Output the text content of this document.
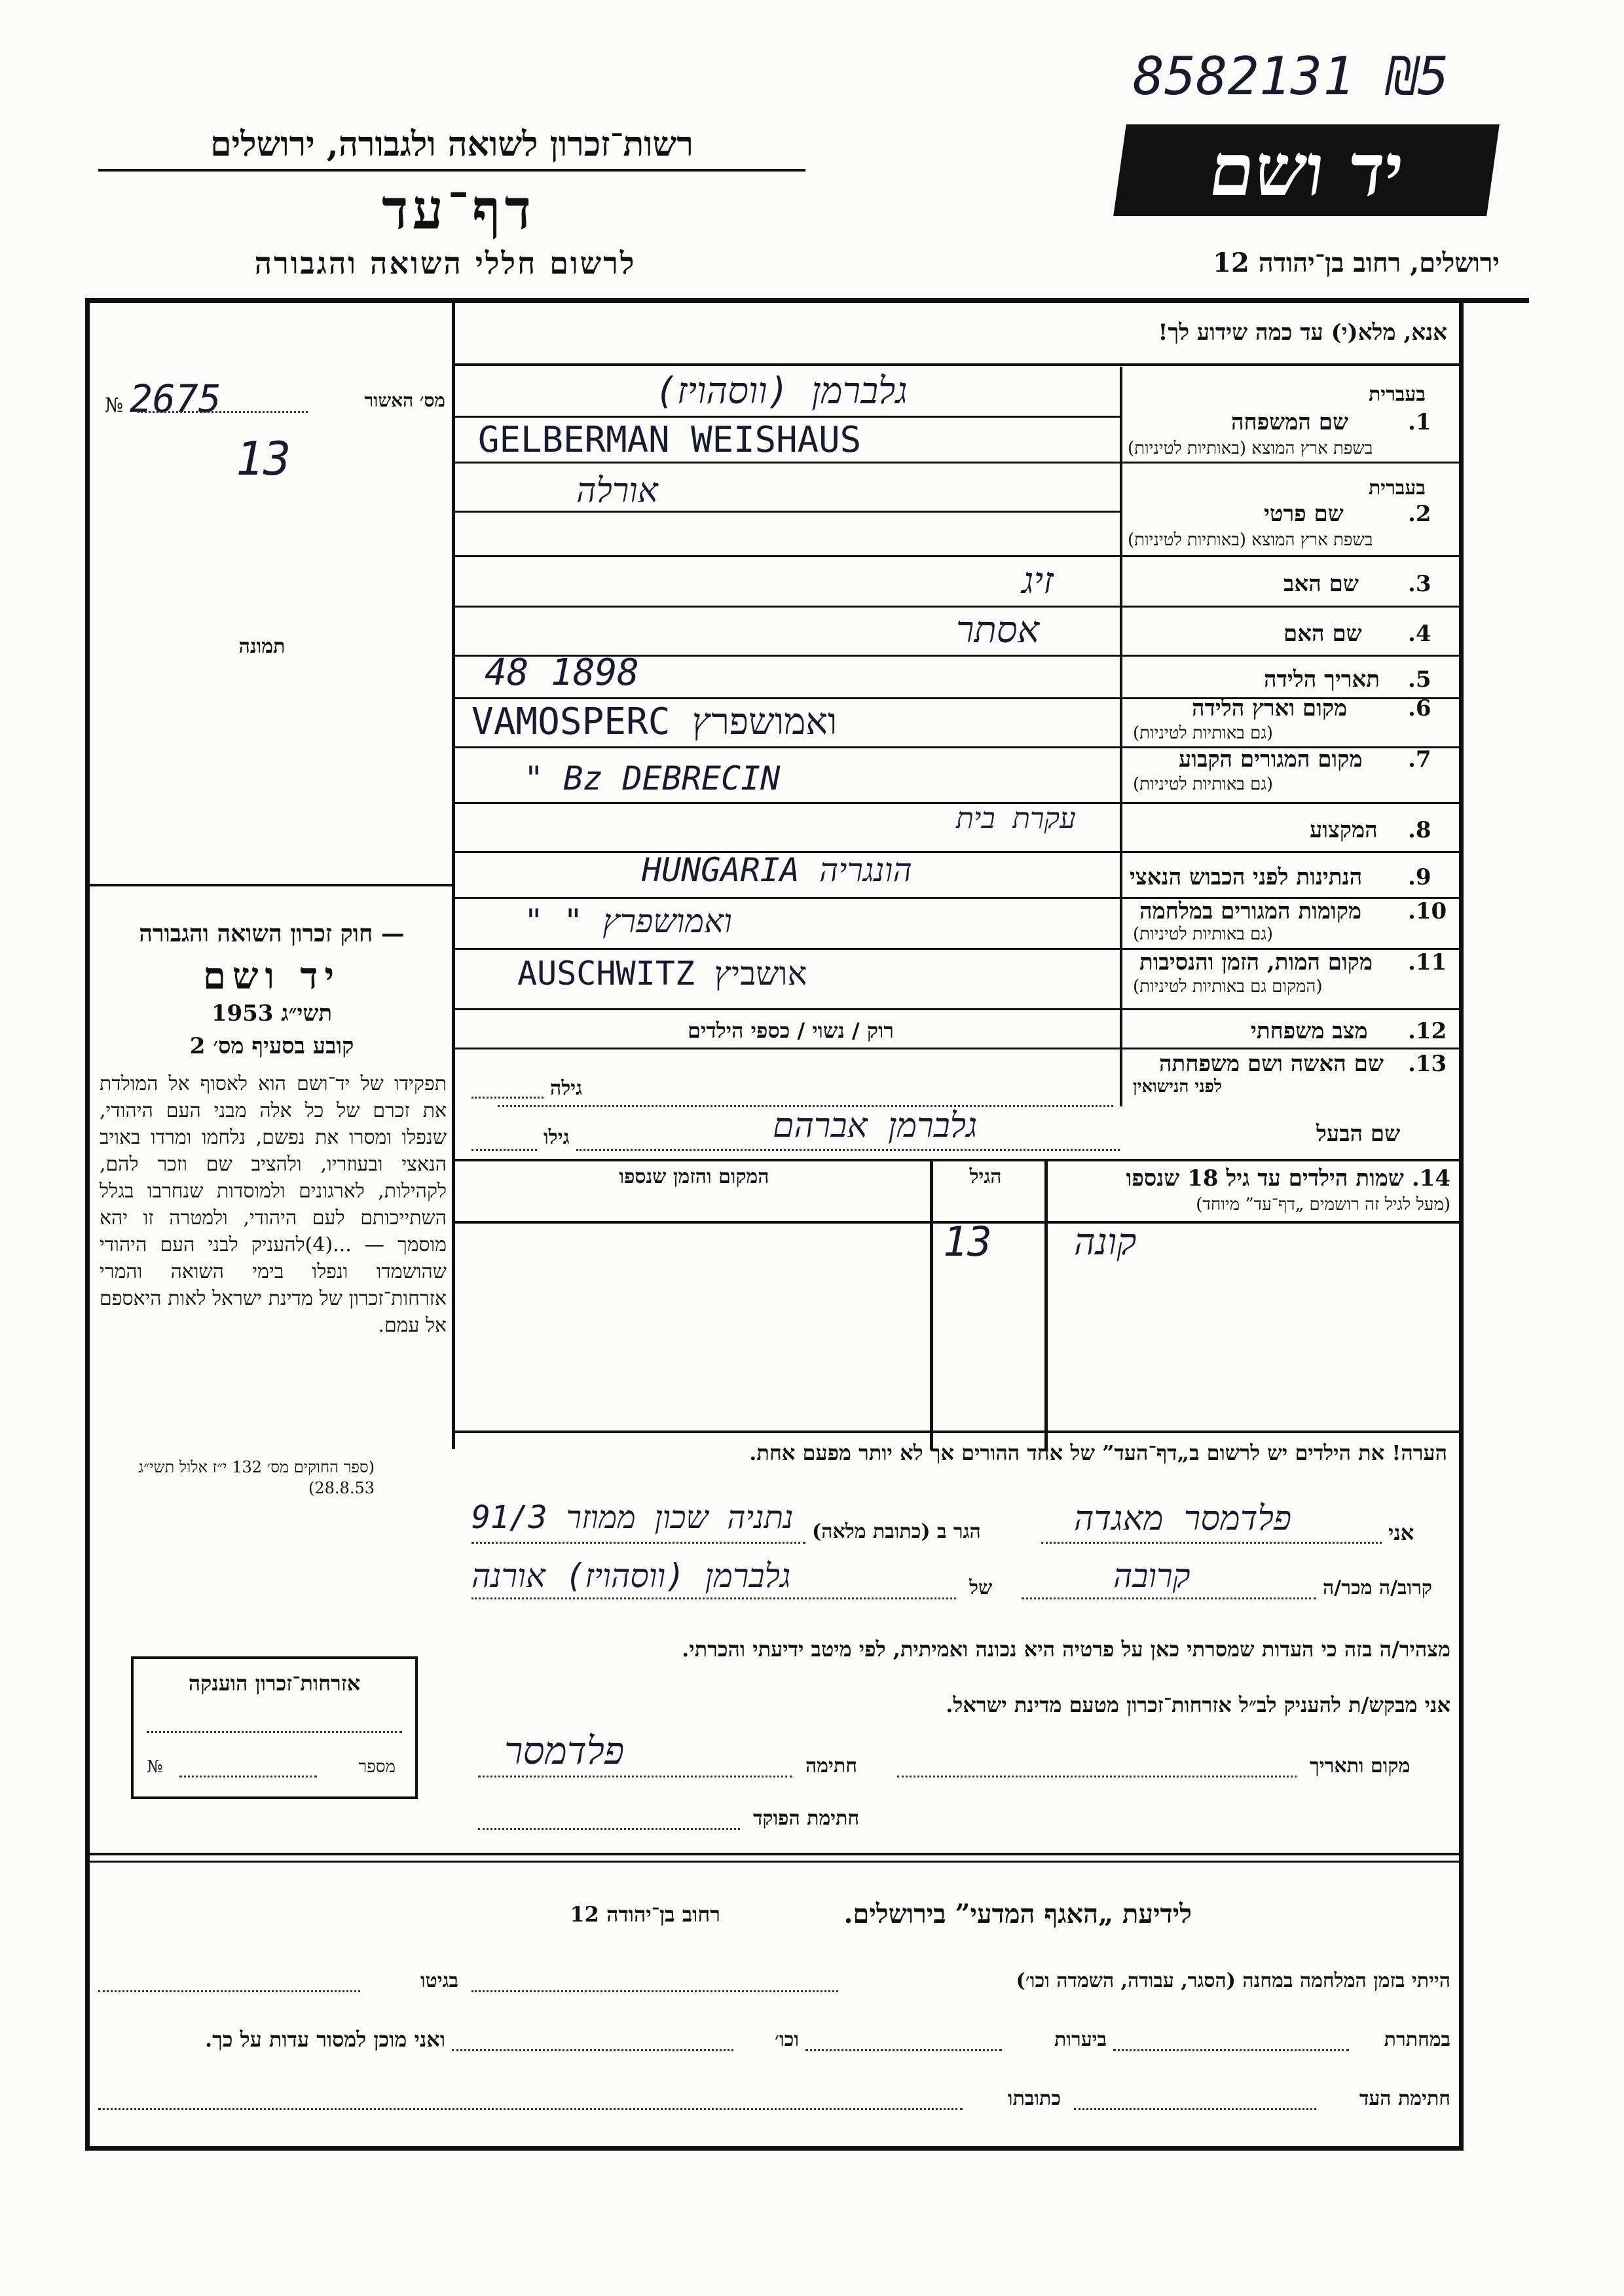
858213 1 ₪5
רשות־זכרון לשואה ולגבורה, ירושלים
דף־עד
לרשום חללי השואה והגבורה
יד ושם
ירושלים, רחוב בן־יהודה 12
אנא, מלא(י) עד כמה שידוע לך!
מס׳ האשור
№ 2675
13
תמונה
— חוק זכרון השואה והגבורה
יד ושם
תשי״ג 1953
קובע בסעיף מס׳ 2
תפקידו של יד־ושם הוא לאסוף אל המולדת את זכרם של כל אלה מבני העם היהודי, שנפלו ומסרו את נפשם, נלחמו ומרדו באויב הנאצי ובעוזריו, ולהציב שם וזכר להם, לקהילות, לארגונים ולמוסדות שנחרבו בגלל השתייכותם לעם היהודי, ולמטרה זו יהא מוסמך — ...(4)להעניק לבני העם היהודי שהושמדו ונפלו בימי השואה והמרי אזרחות־זכרון של מדינת ישראל לאות היאספם אל עמם.
(ספר החוקים מס׳ 132 י״ז אלול תשי״ג 28.8.53)
אזרחות־זכרון הוענקה
מספר
№
1.
שם המשפחה
בשפת ארץ המוצא (באותיות לטיניות)
בעברית
גלברמן (ווסהויז)
GELBERMAN WEISHAUS
בעברית
2.
שם פרטי
בשפת ארץ המוצא (באותיות לטיניות)
אורלה
3.
שם האב
זיג
4.
שם האם
אסתר
5.
תאריך הלידה
48 1898
6.
מקום וארץ הלידה
(גם באותיות לטיניות)
VAMOSPERC ואמושפרץ
7.
מקום המגורים הקבוע
(גם באותיות לטיניות)
" Bz DEBRECIN
8.
המקצוע
עקרת בית
9.
הנתינות לפני הכבוש הנאצי
HUNGARIA הונגריה
10.
מקומות המגורים במלחמה
(גם באותיות לטיניות)
" " ואמושפרץ
11.
מקום המות, הזמן והנסיבות
(המקום גם באותיות לטיניות)
AUSCHWITZ אושביץ
12.
מצב משפחתי
רוק / נשוי / כספי הילדים
13.
שם האשה ושם משפחתה
לפני הנישואין
גילה
שם הבעל
גלברמן אברהם
גילו
14. שמות הילדים עד גיל 18 שנספו
(מעל לגיל זה רושמים „דף־עד” מיוחד)
הגיל
המקום והזמן שנספו
קונה
13
הערה! את הילדים יש לרשום ב„דף־העד” של אחד ההורים אך לא יותר מפעם אחת.
אני
פלדמסר מאגדה
הגר ב (כתובת מלאה)
נתניה שכון ממוזר 91/3
קרוב/ה מכר/ה
קרובה
של
גלברמן (ווסהויז) אורנה
מצהיר/ה בזה כי העדות שמסרתי כאן על פרטיה היא נכונה ואמיתית, לפי מיטב ידיעתי והכרתי.
אני מבקש/ת להעניק לב״ל אזרחות־זכרון מטעם מדינת ישראל.
מקום ותאריך
חתימה
פלדמסר
חתימת הפוקד
לידיעת „האגף המדעי” בירושלים.
רחוב בן־יהודה 12
הייתי בזמן המלחמה במחנה (הסגר, עבודה, השמדה וכו׳)
בגיטו
במחתרת
ביערות
וכו׳
ואני מוכן למסור עדות על כך.
חתימת העד
כתובתו
